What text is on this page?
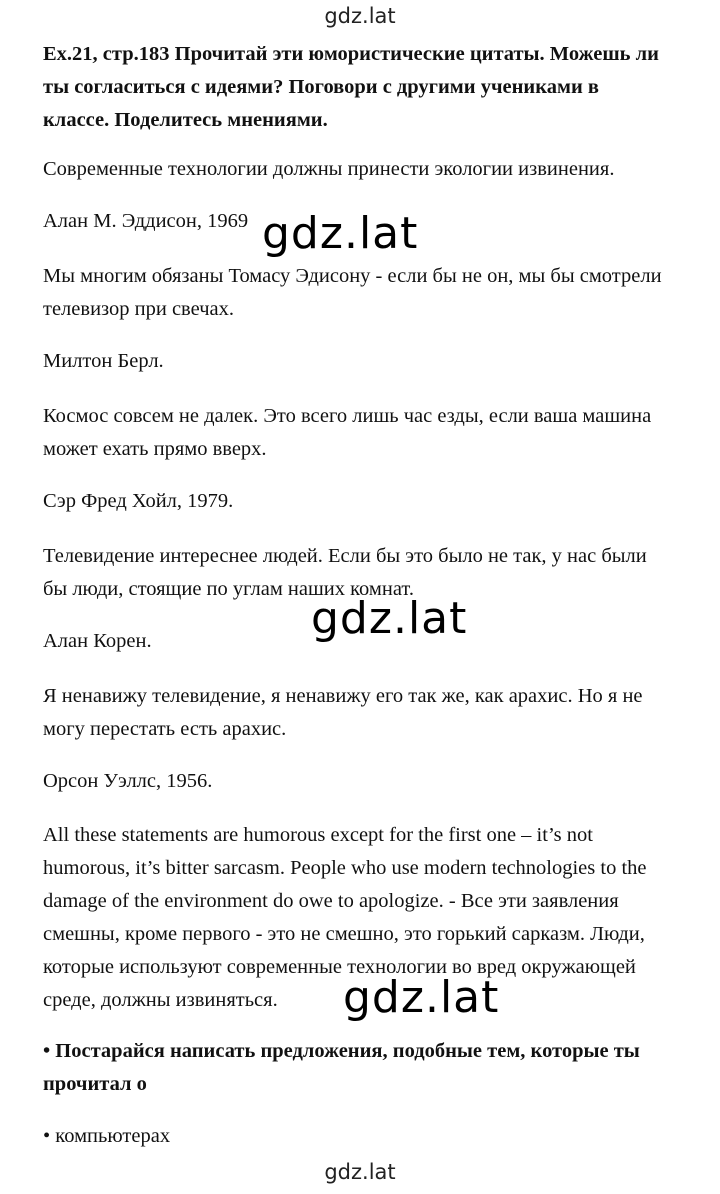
gdz.lat
Ex.21, стр.183 Прочитай эти юмористические цитаты. Можешь ли
ты согласиться с идеями? Поговори с другими учениками в
классе. Поделитесь мнениями.
Современные технологии должны принести экологии извинения.
Алан М. Эддисон, 1969
Мы многим обязаны Томасу Эдисону - если бы не он, мы бы смотрели
телевизор при свечах.
Милтон Берл.
Космос совсем не далек. Это всего лишь час езды, если ваша машина
может ехать прямо вверх.
Сэр Фред Хойл, 1979.
Телевидение интереснее людей. Если бы это было не так, у нас были
бы люди, стоящие по углам наших комнат.
Алан Корен.
Я ненавижу телевидение, я ненавижу его так же, как арахис. Но я не
могу перестать есть арахис.
Орсон Уэллс, 1956.
All these statements are humorous except for the first one – it’s not
humorous, it’s bitter sarcasm. People who use modern technologies to the
damage of the environment do owe to apologize. - Все эти заявления
смешны, кроме первого - это не смешно, это горький сарказм. Люди,
которые используют современные технологии во вред окружающей
среде, должны извиняться.
• Постарайся написать предложения, подобные тем, которые ты
прочитал о
• компьютерах
gdz.lat
gdz.lat
gdz.lat
gdz.lat
